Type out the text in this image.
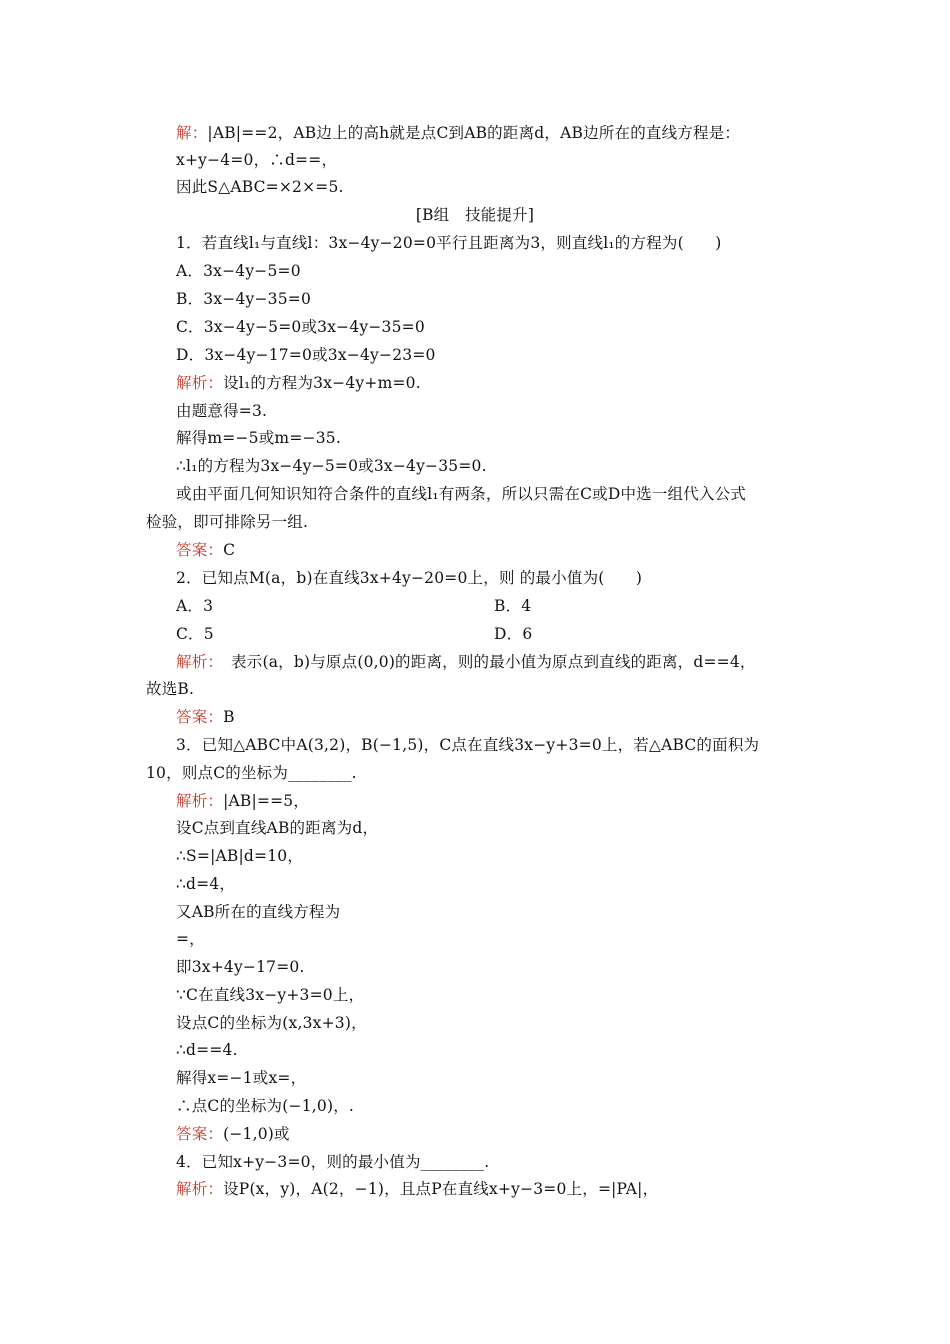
解：|AB|==2，AB边上的高h就是点C到AB的距离d，AB边所在的直线方程是：
x+y−4=0，∴d==，
因此S△ABC=×2×=5.
[B组　技能提升]
1．若直线l₁与直线l：3x−4y−20=0平行且距离为3，则直线l₁的方程为(　　)
A．3x−4y−5=0
B．3x−4y−35=0
C．3x−4y−5=0或3x−4y−35=0
D．3x−4y−17=0或3x−4y−23=0
解析：设l₁的方程为3x−4y+m=0.
由题意得=3.
解得m=−5或m=−35.
∴l₁的方程为3x−4y−5=0或3x−4y−35=0.
或由平面几何知识知符合条件的直线l₁有两条，所以只需在C或D中选一组代入公式
检验，即可排除另一组.
答案：C
2．已知点M(a，b)在直线3x+4y−20=0上，则 的最小值为(　　)
A．3	B．4
C．5	D．6
解析：　表示(a，b)与原点(0,0)的距离，则的最小值为原点到直线的距离，d==4，
故选B.
答案：B
3．已知△ABC中A(3,2)，B(−1,5)，C点在直线3x−y+3=0上，若△ABC的面积为
10，则点C的坐标为________.
解析：|AB|==5，
设C点到直线AB的距离为d，
∴S=|AB|d=10，
∴d=4，
又AB所在的直线方程为
=，
即3x+4y−17=0.
∵C在直线3x−y+3=0上，
设点C的坐标为(x,3x+3)，
∴d==4.
解得x=−1或x=，
∴点C的坐标为(−1,0)，.
答案：(−1,0)或
4．已知x+y−3=0，则的最小值为________.
解析：设P(x，y)，A(2，−1)，且点P在直线x+y−3=0上，=|PA|，
